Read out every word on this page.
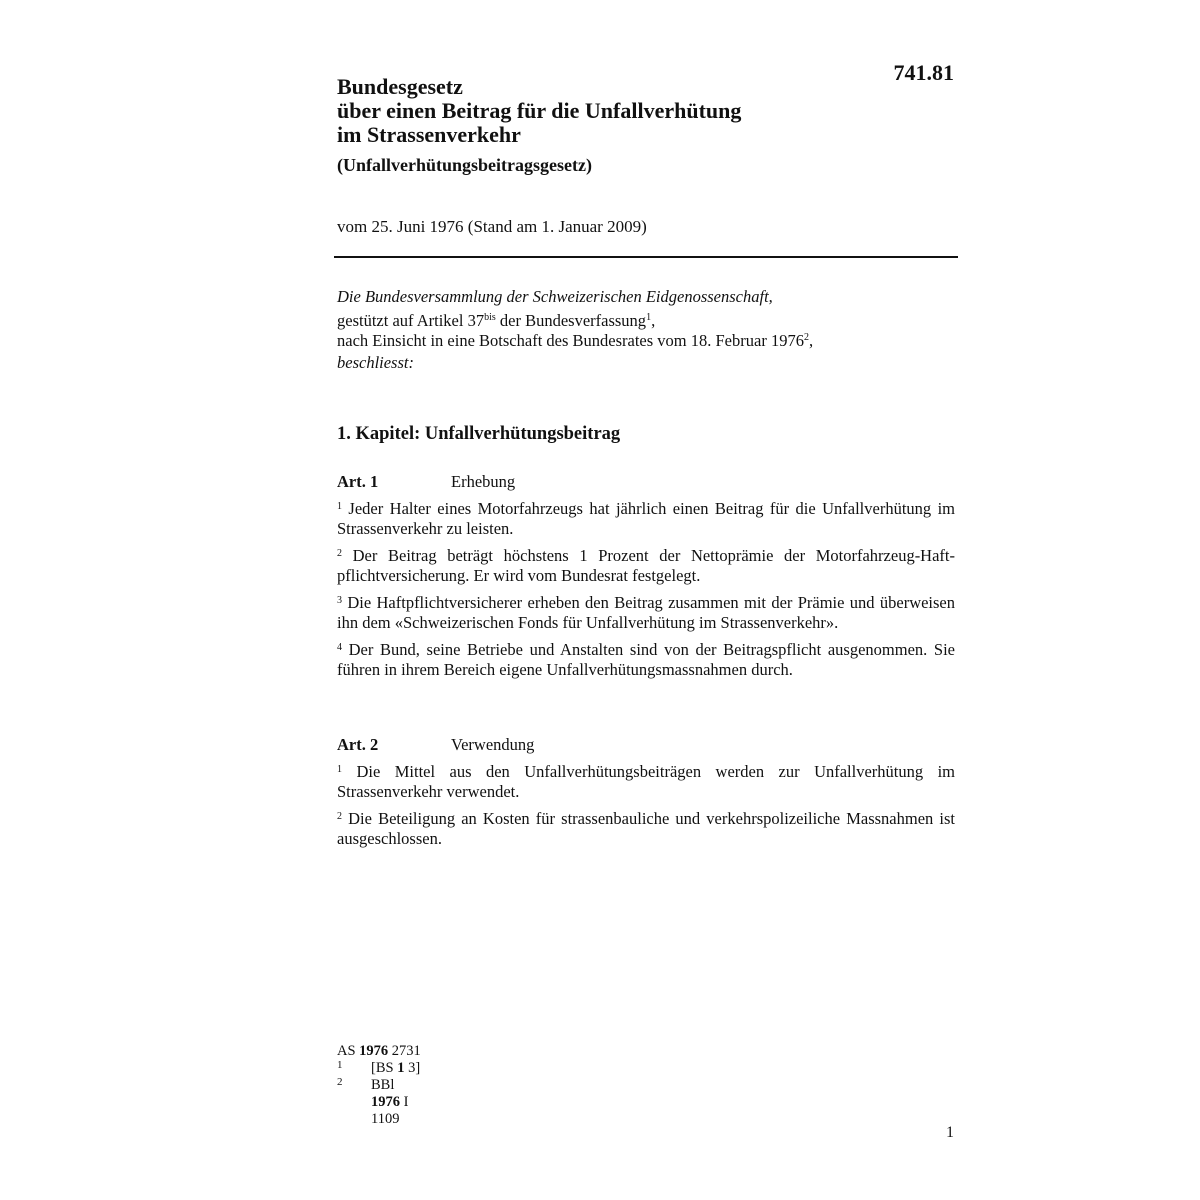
741.81
Bundesgesetz
über einen Beitrag für die Unfallverhütung
im Strassenverkehr
(Unfallverhütungsbeitragsgesetz)
vom 25. Juni 1976 (Stand am 1. Januar 2009)
Die Bundesversammlung der Schweizerischen Eidgenossenschaft,
gestützt auf Artikel $37^{bis}$ der Bundesverfassung$^1$,
nach Einsicht in eine Botschaft des Bundesrates vom 18. Februar 1976$^2$,
beschliesst:
1. Kapitel: Unfallverhütungsbeitrag
Art. 1	Erhebung

$^1$ Jeder Halter eines Motorfahrzeugs hat jährlich einen Beitrag für die Unfallverhütung im Strassenverkehr zu leisten.

$^2$ Der Beitrag beträgt höchstens 1 Prozent der Nettoprämie der Motorfahrzeug-Haftpflichtversicherung. Er wird vom Bundesrat festgelegt.

$^3$ Die Haftpflichtversicherer erheben den Beitrag zusammen mit der Prämie und überweisen ihn dem «Schweizerischen Fonds für Unfallverhütung im Strassenverkehr».

$^4$ Der Bund, seine Betriebe und Anstalten sind von der Beitragspflicht ausgenommen. Sie führen in ihrem Bereich eigene Unfallverhütungsmassnahmen durch.

Art. 2	Verwendung

$^1$ Die Mittel aus den Unfallverhütungsbeiträgen werden zur Unfallverhütung im Strassenverkehr verwendet.

$^2$ Die Beteiligung an Kosten für strassenbauliche und verkehrspolizeiliche Massnahmen ist ausgeschlossen.

AS 1976 2731
1 [BS 1 3]
2 BBl 1976 I 1109
1
